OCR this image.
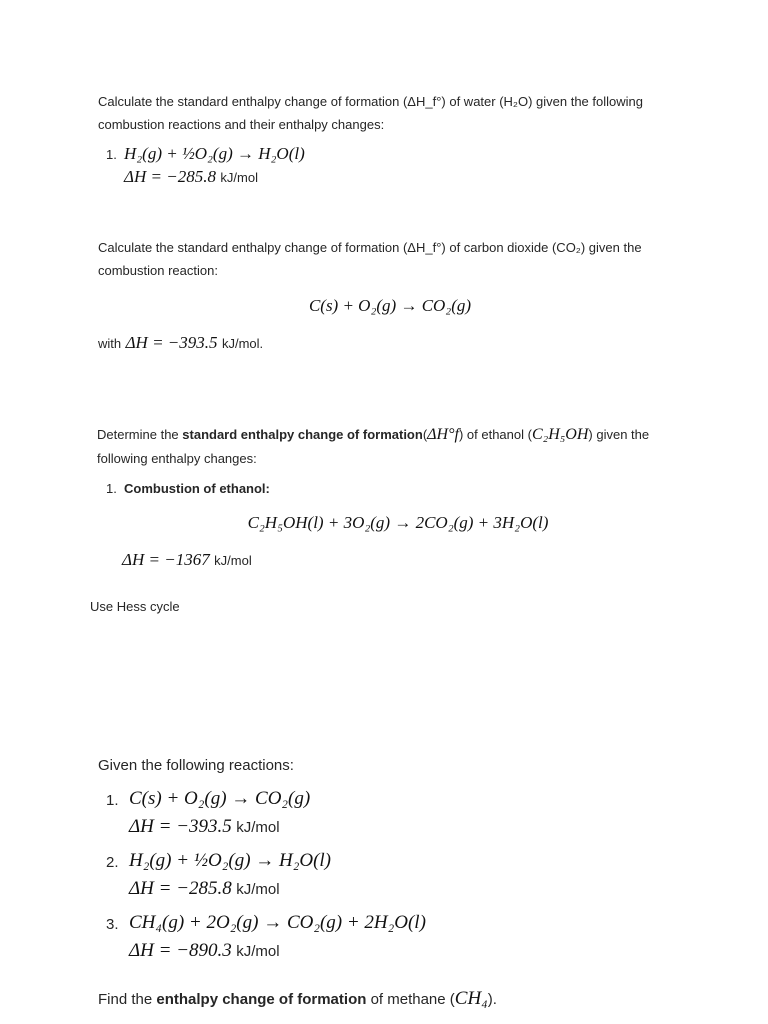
Calculate the standard enthalpy change of formation (ΔH_f°) of water (H₂O) given the following
combustion reactions and their enthalpy changes:
1. H₂(g) + ½O₂(g) → H₂O(l)
ΔH = −285.8 kJ/mol
Calculate the standard enthalpy change of formation (ΔH_f°) of carbon dioxide (CO₂) given the
combustion reaction:
C(s) + O₂(g) → CO₂(g)
with ΔH = −393.5 kJ/mol.
Determine the standard enthalpy change of formation(ΔH°f) of ethanol (C₂H₅OH) given the
following enthalpy changes:
1. Combustion of ethanol:
C₂H₅OH(l) + 3O₂(g) → 2CO₂(g) + 3H₂O(l)
ΔH = −1367 kJ/mol
Use Hess cycle
Given the following reactions:
1. C(s) + O₂(g) → CO₂(g)
ΔH = −393.5 kJ/mol
2. H₂(g) + ½O₂(g) → H₂O(l)
ΔH = −285.8 kJ/mol
3. CH₄(g) + 2O₂(g) → CO₂(g) + 2H₂O(l)
ΔH = −890.3 kJ/mol
Find the enthalpy change of formation of methane (CH₄).
